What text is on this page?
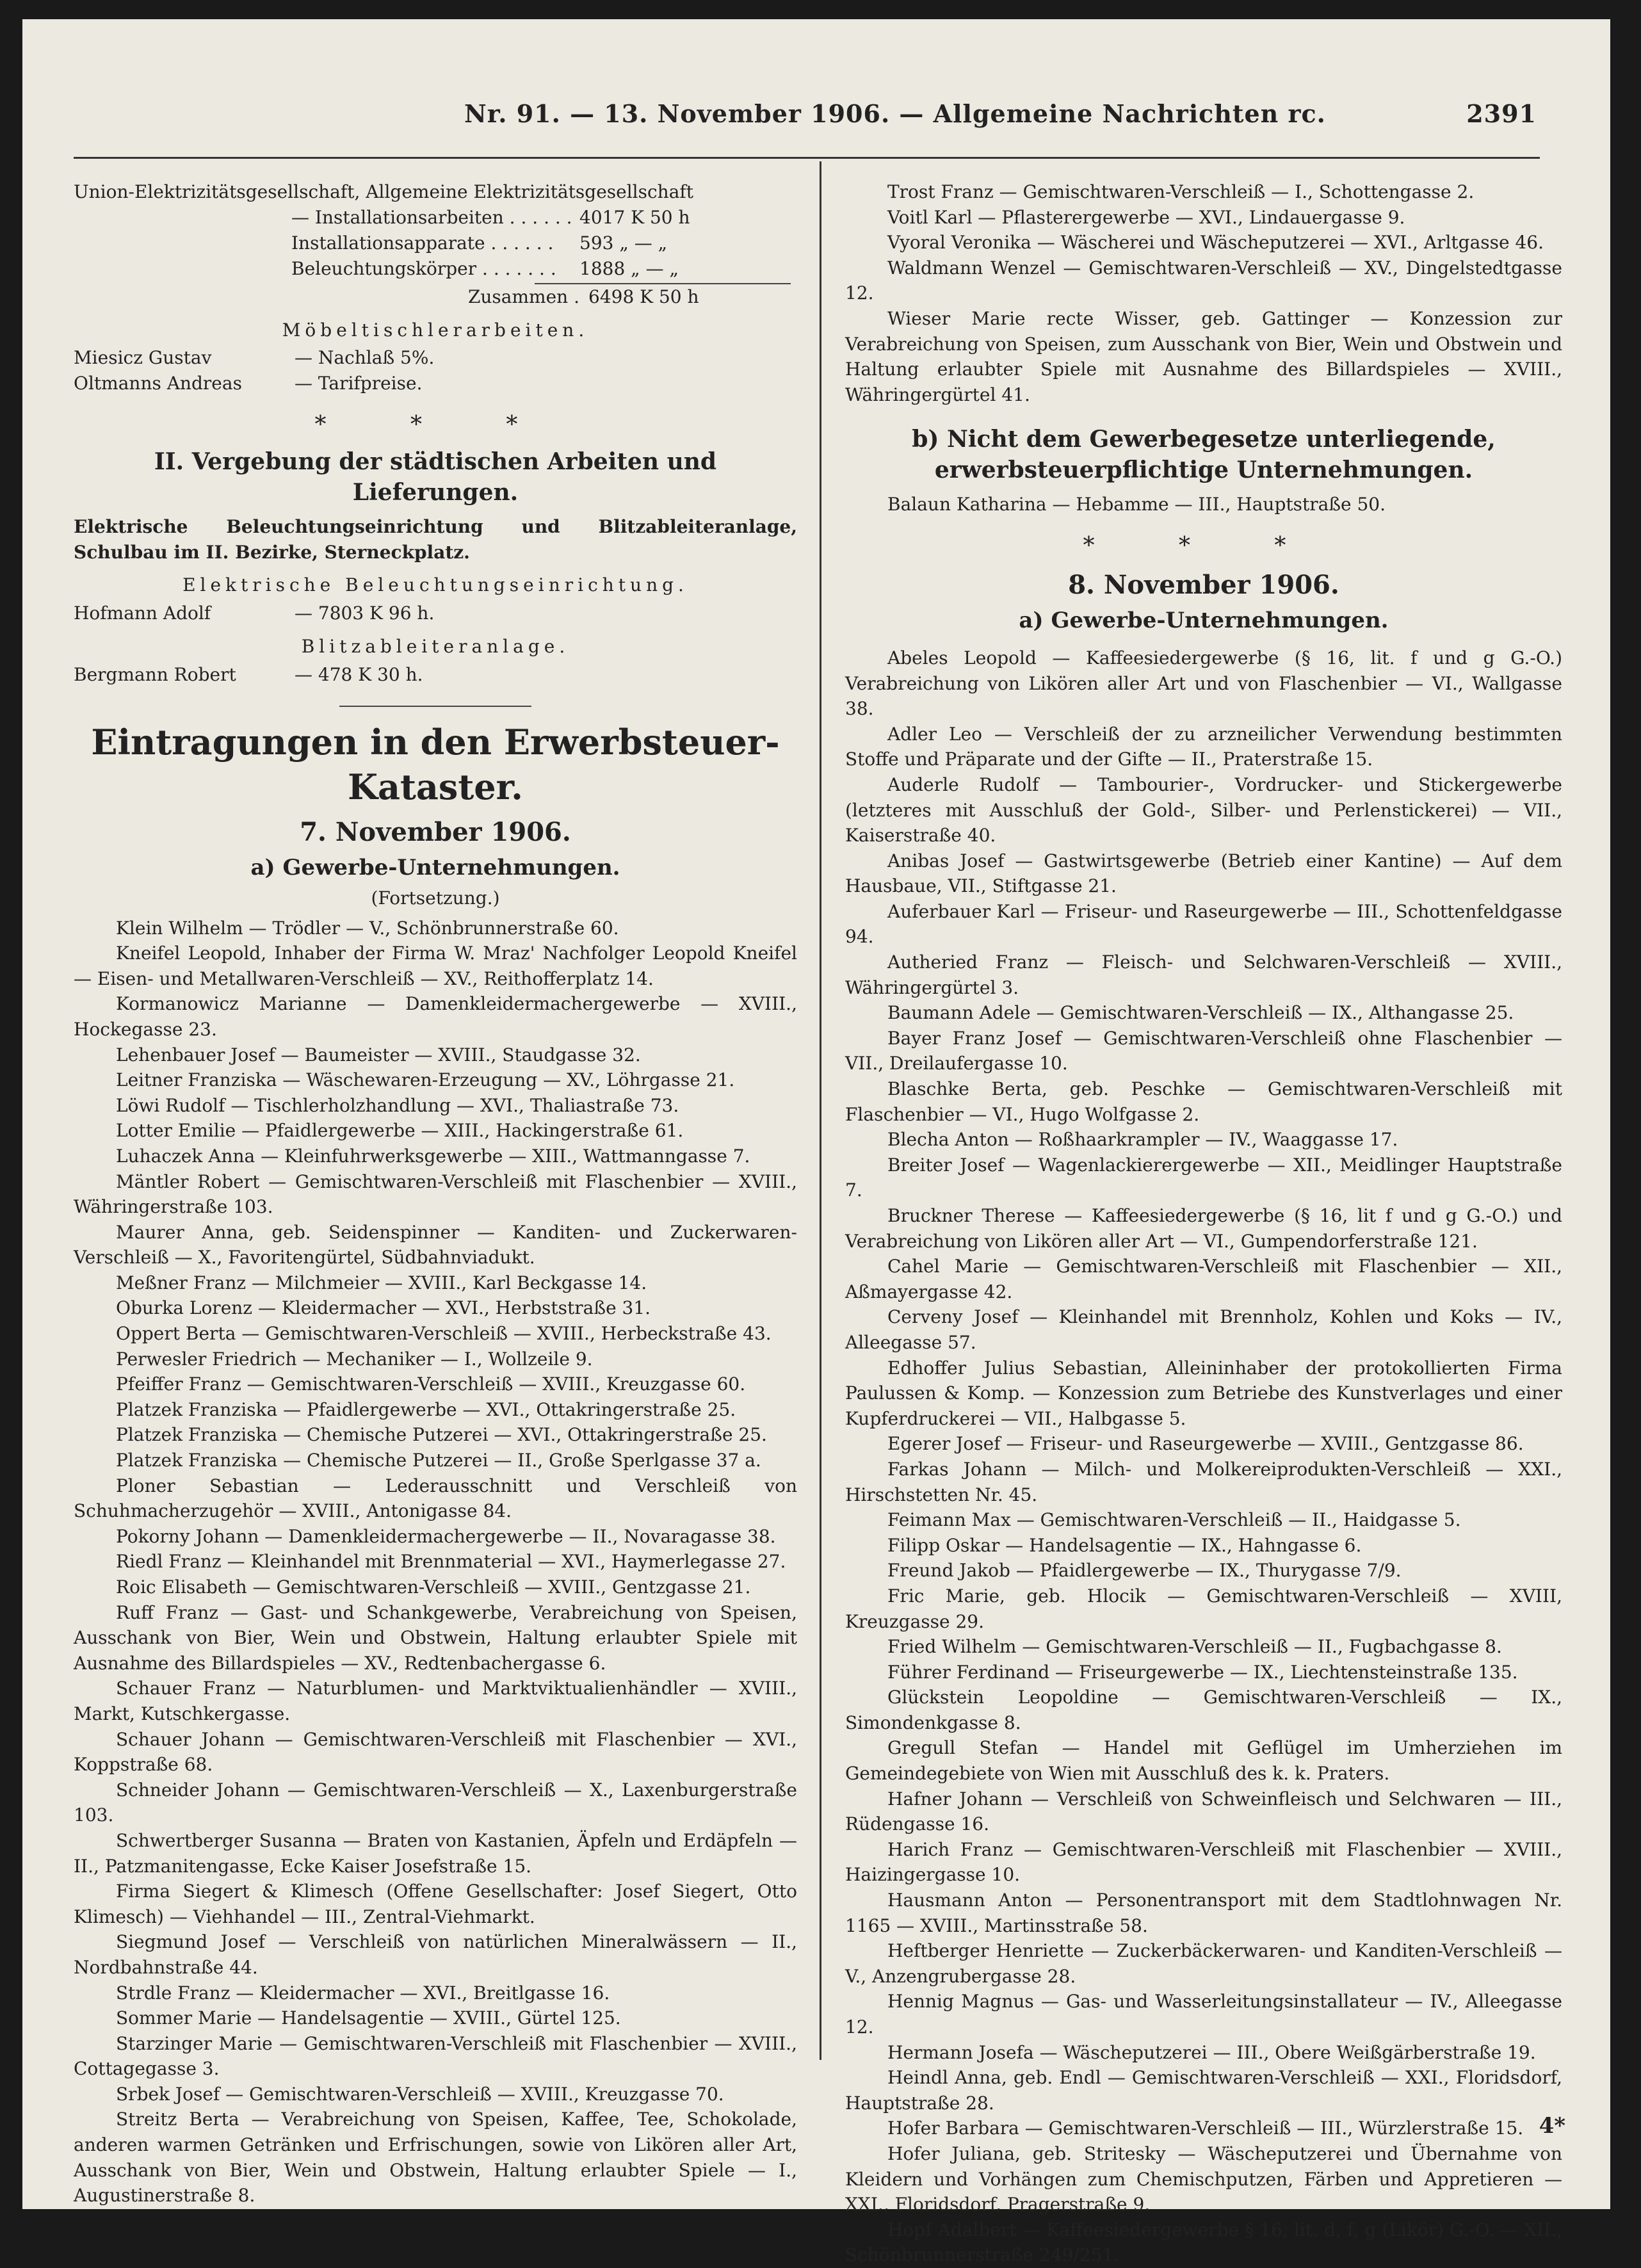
Nr. 91. — 13. November 1906. — Allgemeine Nachrichten rc.	2391

Union-Elektrizitätsgesellschaft, Allgemeine Elektrizitätsgesellschaft

— Installationsarbeiten . . . . . . 4017 K 50 h
Installationsapparate . . . . . .	593 „ — „
Beleuchtungskörper . . . . . . .	1888 „ — „
Zusammen . 6498 K 50 h

Möbeltischlerarbeiten.

Miesicz Gustav	— Nachlaß 5%.
Oltmanns Andreas	— Tarifpreise.

* * *

II. Vergebung der städtischen Arbeiten und Lieferungen.

Elektrische Beleuchtungseinrichtung und Blitzableiteranlage, Schulbau im II. Bezirke, Sterneckplatz.

Elektrische Beleuchtungseinrichtung.

Hofmann Adolf	— 7803 K 96 h.

Blitzableiteranlage.

Bergmann Robert	— 478 K 30 h.

Eintragungen in den Erwerbsteuer-Kataster.

7. November 1906.

a) Gewerbe-Unternehmungen.

(Fortsetzung.)

Klein Wilhelm — Trödler — V., Schönbrunnerstraße 60.

Kneifel Leopold, Inhaber der Firma W. Mraz' Nachfolger Leopold Kneifel — Eisen- und Metallwaren-Verschleiß — XV., Reithofferplatz 14.

Kormanowicz Marianne — Damenkleidermachergewerbe — XVIII., Hockegasse 23.

Lehenbauer Josef — Baumeister — XVIII., Staudgasse 32.

Leitner Franziska — Wäschewaren-Erzeugung — XV., Löhrgasse 21.

Löwi Rudolf — Tischlerholzhandlung — XVI., Thaliastraße 73.

Lotter Emilie — Pfaidlergewerbe — XIII., Hackingerstraße 61.

Luhaczek Anna — Kleinfuhrwerksgewerbe — XIII., Wattmanngasse 7.

Mäntler Robert — Gemischtwaren-Verschleiß mit Flaschenbier — XVIII., Währingerstraße 103.

Maurer Anna, geb. Seidenspinner — Kanditen- und Zuckerwaren-Verschleiß — X., Favoritengürtel, Südbahnviadukt.

Meßner Franz — Milchmeier — XVIII., Karl Beckgasse 14.

Oburka Lorenz — Kleidermacher — XVI., Herbststraße 31.

Oppert Berta — Gemischtwaren-Verschleiß — XVIII., Herbeckstraße 43.

Perwesler Friedrich — Mechaniker — I., Wollzeile 9.

Pfeiffer Franz — Gemischtwaren-Verschleiß — XVIII., Kreuzgasse 60.

Platzek Franziska — Pfaidlergewerbe — XVI., Ottakringerstraße 25.

Platzek Franziska — Chemische Putzerei — XVI., Ottakringerstraße 25.

Platzek Franziska — Chemische Putzerei — II., Große Sperlgasse 37 a.

Ploner Sebastian — Lederausschnitt und Verschleiß von Schuhmacherzugehör — XVIII., Antonigasse 84.

Pokorny Johann — Damenkleidermachergewerbe — II., Novaragasse 38.

Riedl Franz — Kleinhandel mit Brennmaterial — XVI., Haymerlegasse 27.

Roic Elisabeth — Gemischtwaren-Verschleiß — XVIII., Gentzgasse 21.

Ruff Franz — Gast- und Schankgewerbe, Verabreichung von Speisen, Ausschank von Bier, Wein und Obstwein, Haltung erlaubter Spiele mit Ausnahme des Billardspieles — XV., Redtenbachergasse 6.

Schauer Franz — Naturblumen- und Marktviktualienhändler — XVIII., Markt, Kutschkergasse.

Schauer Johann — Gemischtwaren-Verschleiß mit Flaschenbier — XVI., Koppstraße 68.

Schneider Johann — Gemischtwaren-Verschleiß — X., Laxenburgerstraße 103.

Schwertberger Susanna — Braten von Kastanien, Äpfeln und Erdäpfeln — II., Patzmanitengasse, Ecke Kaiser Josefstraße 15.

Firma Siegert & Klimesch (Offene Gesellschafter: Josef Siegert, Otto Klimesch) — Viehhandel — III., Zentral-Viehmarkt.

Siegmund Josef — Verschleiß von natürlichen Mineralwässern — II., Nordbahnstraße 44.

Strdle Franz — Kleidermacher — XVI., Breitlgasse 16.

Sommer Marie — Handelsagentie — XVIII., Gürtel 125.

Starzinger Marie — Gemischtwaren-Verschleiß mit Flaschenbier — XVIII., Cottagegasse 3.

Srbek Josef — Gemischtwaren-Verschleiß — XVIII., Kreuzgasse 70.

Streitz Berta — Verabreichung von Speisen, Kaffee, Tee, Schokolade, anderen warmen Getränken und Erfrischungen, sowie von Likören aller Art, Ausschank von Bier, Wein und Obstwein, Haltung erlaubter Spiele — I., Augustinerstraße 8.

Trost Franz — Gemischtwaren-Verschleiß — I., Schottengasse 2.

Voitl Karl — Pflasterergewerbe — XVI., Lindauergasse 9.

Vyoral Veronika — Wäscherei und Wäscheputzerei — XVI., Arltgasse 46.

Waldmann Wenzel — Gemischtwaren-Verschleiß — XV., Dingelstedtgasse 12.

Wieser Marie recte Wisser, geb. Gattinger — Konzession zur Verabreichung von Speisen, zum Ausschank von Bier, Wein und Obstwein und Haltung erlaubter Spiele mit Ausnahme des Billardspieles — XVIII., Währingergürtel 41.

b) Nicht dem Gewerbegesetze unterliegende, erwerbsteuerpflichtige Unternehmungen.

Balaun Katharina — Hebamme — III., Hauptstraße 50.

* * *

8. November 1906.

a) Gewerbe-Unternehmungen.

Abeles Leopold — Kaffeesiedergewerbe (§ 16, lit. f und g G.-O.) Verabreichung von Likören aller Art und von Flaschenbier — VI., Wallgasse 38.

Adler Leo — Verschleiß der zu arzneilicher Verwendung bestimmten Stoffe und Präparate und der Gifte — II., Praterstraße 15.

Auderle Rudolf — Tambourier-, Vordrucker- und Stickergewerbe (letzteres mit Ausschluß der Gold-, Silber- und Perlenstickerei) — VII., Kaiserstraße 40.

Anibas Josef — Gastwirtsgewerbe (Betrieb einer Kantine) — Auf dem Hausbaue, VII., Stiftgasse 21.

Auferbauer Karl — Friseur- und Raseurgewerbe — III., Schottenfeldgasse 94.

Autheried Franz — Fleisch- und Selchwaren-Verschleiß — XVIII., Währingergürtel 3.

Baumann Adele — Gemischtwaren-Verschleiß — IX., Althangasse 25.

Bayer Franz Josef — Gemischtwaren-Verschleiß ohne Flaschenbier — VII., Dreilaufergasse 10.

Blaschke Berta, geb. Peschke — Gemischtwaren-Verschleiß mit Flaschenbier — VI., Hugo Wolfgasse 2.

Blecha Anton — Roßhaarkrampler — IV., Waaggasse 17.

Breiter Josef — Wagenlackierergewerbe — XII., Meidlinger Hauptstraße 7.

Bruckner Therese — Kaffeesiedergewerbe (§ 16, lit f und g G.-O.) und Verabreichung von Likören aller Art — VI., Gumpendorferstraße 121.

Cahel Marie — Gemischtwaren-Verschleiß mit Flaschenbier — XII., Aßmayergasse 42.

Cerveny Josef — Kleinhandel mit Brennholz, Kohlen und Koks — IV., Alleegasse 57.

Edhoffer Julius Sebastian, Alleininhaber der protokollierten Firma Paulussen & Komp. — Konzession zum Betriebe des Kunstverlages und einer Kupferdruckerei — VII., Halbgasse 5.

Egerer Josef — Friseur- und Raseurgewerbe — XVIII., Gentzgasse 86.

Farkas Johann — Milch- und Molkereiprodukten-Verschleiß — XXI., Hirschstetten Nr. 45.

Feimann Max — Gemischtwaren-Verschleiß — II., Haidgasse 5.

Filipp Oskar — Handelsagentie — IX., Hahngasse 6.

Freund Jakob — Pfaidlergewerbe — IX., Thurygasse 7/9.

Fric Marie, geb. Hlocik — Gemischtwaren-Verschleiß — XVIII, Kreuzgasse 29.

Fried Wilhelm — Gemischtwaren-Verschleiß — II., Fugbachgasse 8.

Führer Ferdinand — Friseurgewerbe — IX., Liechtensteinstraße 135.

Glückstein Leopoldine — Gemischtwaren-Verschleiß — IX., Simondenkgasse 8.

Gregull Stefan — Handel mit Geflügel im Umherziehen im Gemeindegebiete von Wien mit Ausschluß des k. k. Praters.

Hafner Johann — Verschleiß von Schweinfleisch und Selchwaren — III., Rüdengasse 16.

Harich Franz — Gemischtwaren-Verschleiß mit Flaschenbier — XVIII., Haizingergasse 10.

Hausmann Anton — Personentransport mit dem Stadtlohnwagen Nr. 1165 — XVIII., Martinsstraße 58.

Heftberger Henriette — Zuckerbäckerwaren- und Kanditen-Verschleiß — V., Anzengrubergasse 28.

Hennig Magnus — Gas- und Wasserleitungsinstallateur — IV., Alleegasse 12.

Hermann Josefa — Wäscheputzerei — III., Obere Weißgärberstraße 19.

Heindl Anna, geb. Endl — Gemischtwaren-Verschleiß — XXI., Floridsdorf, Hauptstraße 28.

Hofer Barbara — Gemischtwaren-Verschleiß — III., Würzlerstraße 15.

Hofer Juliana, geb. Stritesky — Wäscheputzerei und Übernahme von Kleidern und Vorhängen zum Chemischputzen, Färben und Appretieren — XXI., Floridsdorf, Pragerstraße 9.

Hopf Adalbert — Kaffeesiedergewerbe § 16, lit. d, f, g (Likör) G.-O. — XII., Schönbrunnerstraße 249/251.

4*
